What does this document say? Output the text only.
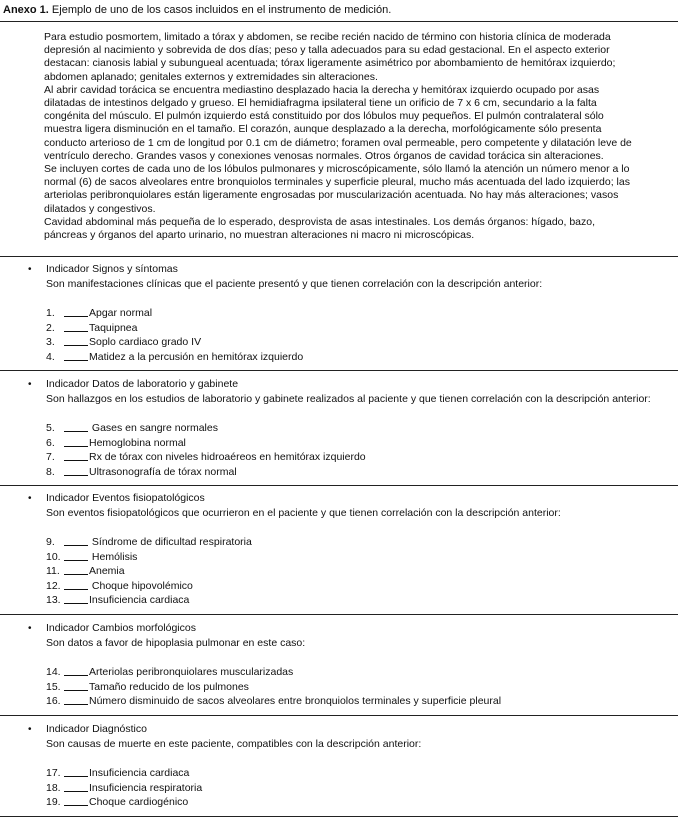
Anexo 1. Ejemplo de uno de los casos incluidos en el instrumento de medición.

Para estudio posmortem, limitado a tórax y abdomen, se recibe recién nacido de término con historia clínica de moderada depresión al nacimiento y sobrevida de dos días; peso y talla adecuados para su edad gestacional. En el aspecto exterior destacan: cianosis labial y subungueal acentuada; tórax ligeramente asimétrico por abombamiento de hemitórax izquierdo; abdomen aplanado; genitales externos y extremidades sin alteraciones.

Al abrir cavidad torácica se encuentra mediastino desplazado hacia la derecha y hemitórax izquierdo ocupado por asas dilatadas de intestinos delgado y grueso. El hemidiafragma ipsilateral tiene un orificio de 7 x 6 cm, secundario a la falta congénita del músculo. El pulmón izquierdo está constituido por dos lóbulos muy pequeños. El pulmón contralateral sólo muestra ligera disminución en el tamaño. El corazón, aunque desplazado a la derecha, morfológicamente sólo presenta conducto arterioso de 1 cm de longitud por 0.1 cm de diámetro; foramen oval permeable, pero competente y dilatación leve de ventrículo derecho. Grandes vasos y conexiones venosas normales. Otros órganos de cavidad torácica sin alteraciones.

Se incluyen cortes de cada uno de los lóbulos pulmonares y microscópicamente, sólo llamó la atención un número menor a lo normal (6) de sacos alveolares entre bronquiolos terminales y superficie pleural, mucho más acentuada del lado izquierdo; las arteriolas peribronquiolares están ligeramente engrosadas por muscularización acentuada. No hay más alteraciones; vasos dilatados y congestivos.

Cavidad abdominal más pequeña de lo esperado, desprovista de asas intestinales. Los demás órganos: hígado, bazo, páncreas y órganos del aparto urinario, no muestran alteraciones ni macro ni microscópicas.

• Indicador Signos y síntomas
Son manifestaciones clínicas que el paciente presentó y que tienen correlación con la descripción anterior:
1.	Apgar normal
2.	Taquipnea
3.	Soplo cardiaco grado IV
4.	Matidez a la percusión en hemitórax izquierdo
• Indicador Datos de laboratorio y gabinete
Son hallazgos en los estudios de laboratorio y gabinete realizados al paciente y que tienen correlación con la descripción anterior:
5.	Gases en sangre normales
6.	Hemoglobina normal
7.	Rx de tórax con niveles hidroaéreos en hemitórax izquierdo
8.	Ultrasonografía de tórax normal
• Indicador Eventos fisiopatológicos
Son eventos fisiopatológicos que ocurrieron en el paciente y que tienen correlación con la descripción anterior:
9.	Síndrome de dificultad respiratoria
10.	Hemólisis
11.	Anemia
12.	Choque hipovolémico
13.	Insuficiencia cardiaca
• Indicador Cambios morfológicos
Son datos a favor de hipoplasia pulmonar en este caso:
14.	Arteriolas peribronquiolares muscularizadas
15.	Tamaño reducido de los pulmones
16.	Número disminuido de sacos alveolares entre bronquiolos terminales y superficie pleural
• Indicador Diagnóstico
Son causas de muerte en este paciente, compatibles con la descripción anterior:
17.	Insuficiencia cardiaca
18.	Insuficiencia respiratoria
19.	Choque cardiogénico
